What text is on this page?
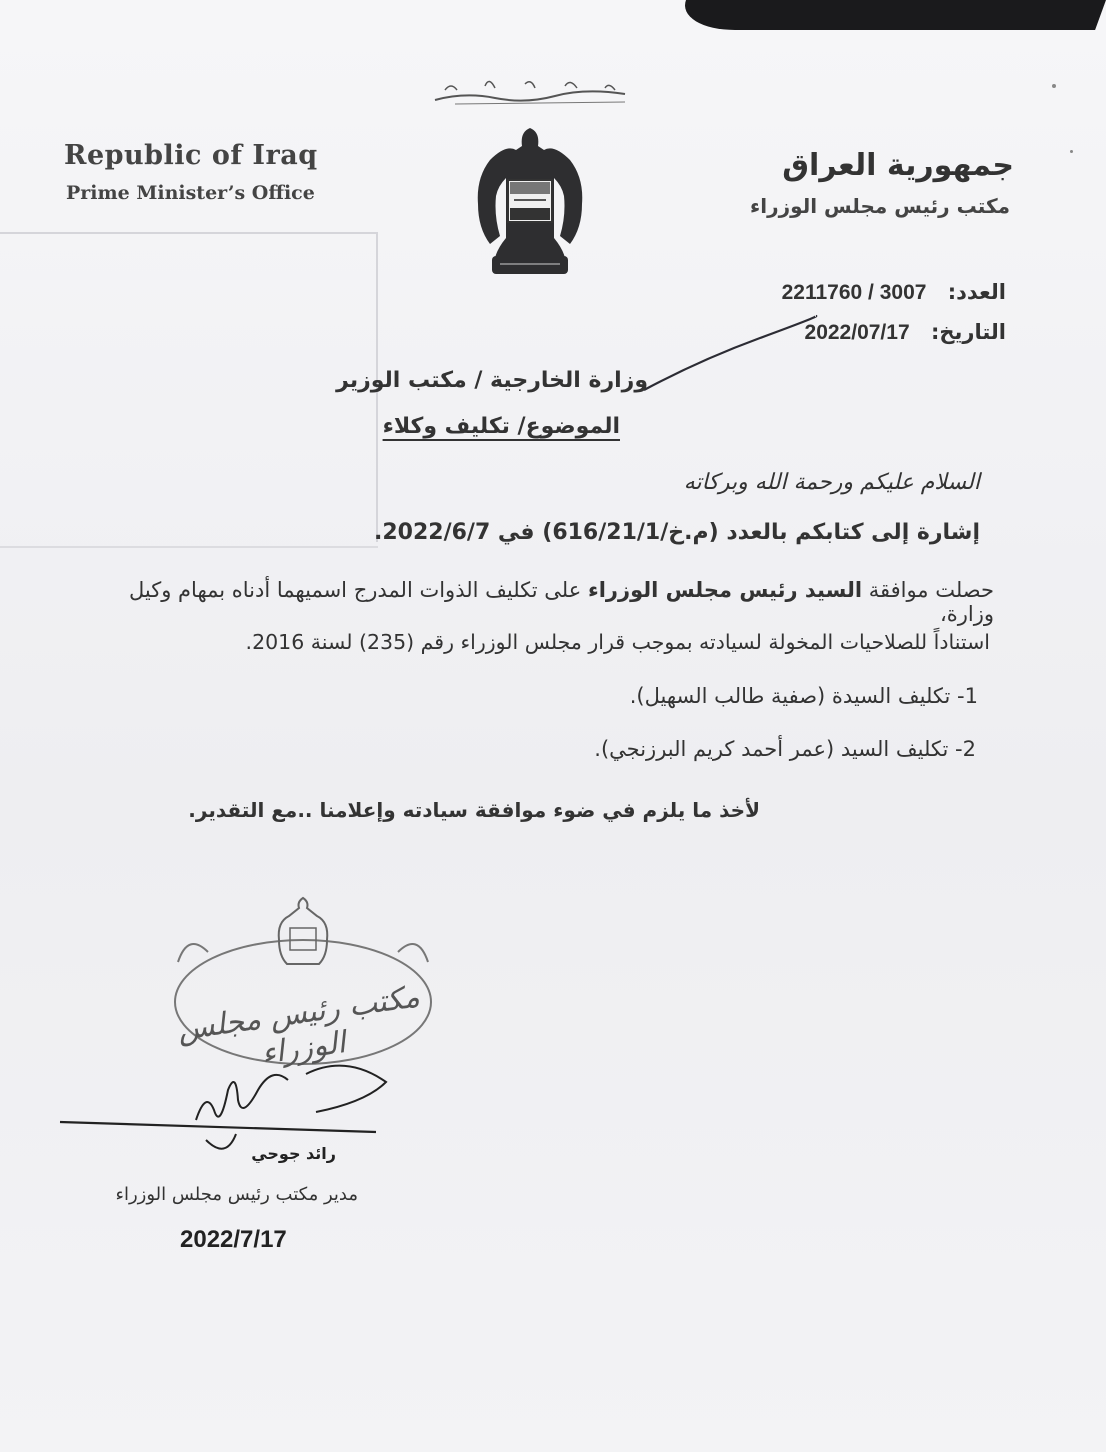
Republic of Iraq
Prime Minister’s Office
جمهورية العراق
مكتب رئيس مجلس الوزراء
العدد: 2211760 / 3007
التاريخ: 2022/07/17
وزارة الخارجية / مكتب الوزير
الموضوع/ تكليف وكلاء
السلام عليكم ورحمة الله وبركاته
إشارة إلى كتابكم بالعدد (م.خ/616/21/1) في 2022/6/7.
حصلت موافقة السيد رئيس مجلس الوزراء على تكليف الذوات المدرج اسميهما أدناه بمهام وكيل وزارة،
استناداً للصلاحيات المخولة لسيادته بموجب قرار مجلس الوزراء رقم (235) لسنة 2016.
1- تكليف السيدة (صفية طالب السهيل).
2- تكليف السيد (عمر أحمد كريم البرزنجي).
لأخذ ما يلزم في ضوء موافقة سيادته وإعلامنا ..مع التقدير.
مكتب رئيس مجلس الوزراء
رائد جوحي
مدير مكتب رئيس مجلس الوزراء
2022/7/17
